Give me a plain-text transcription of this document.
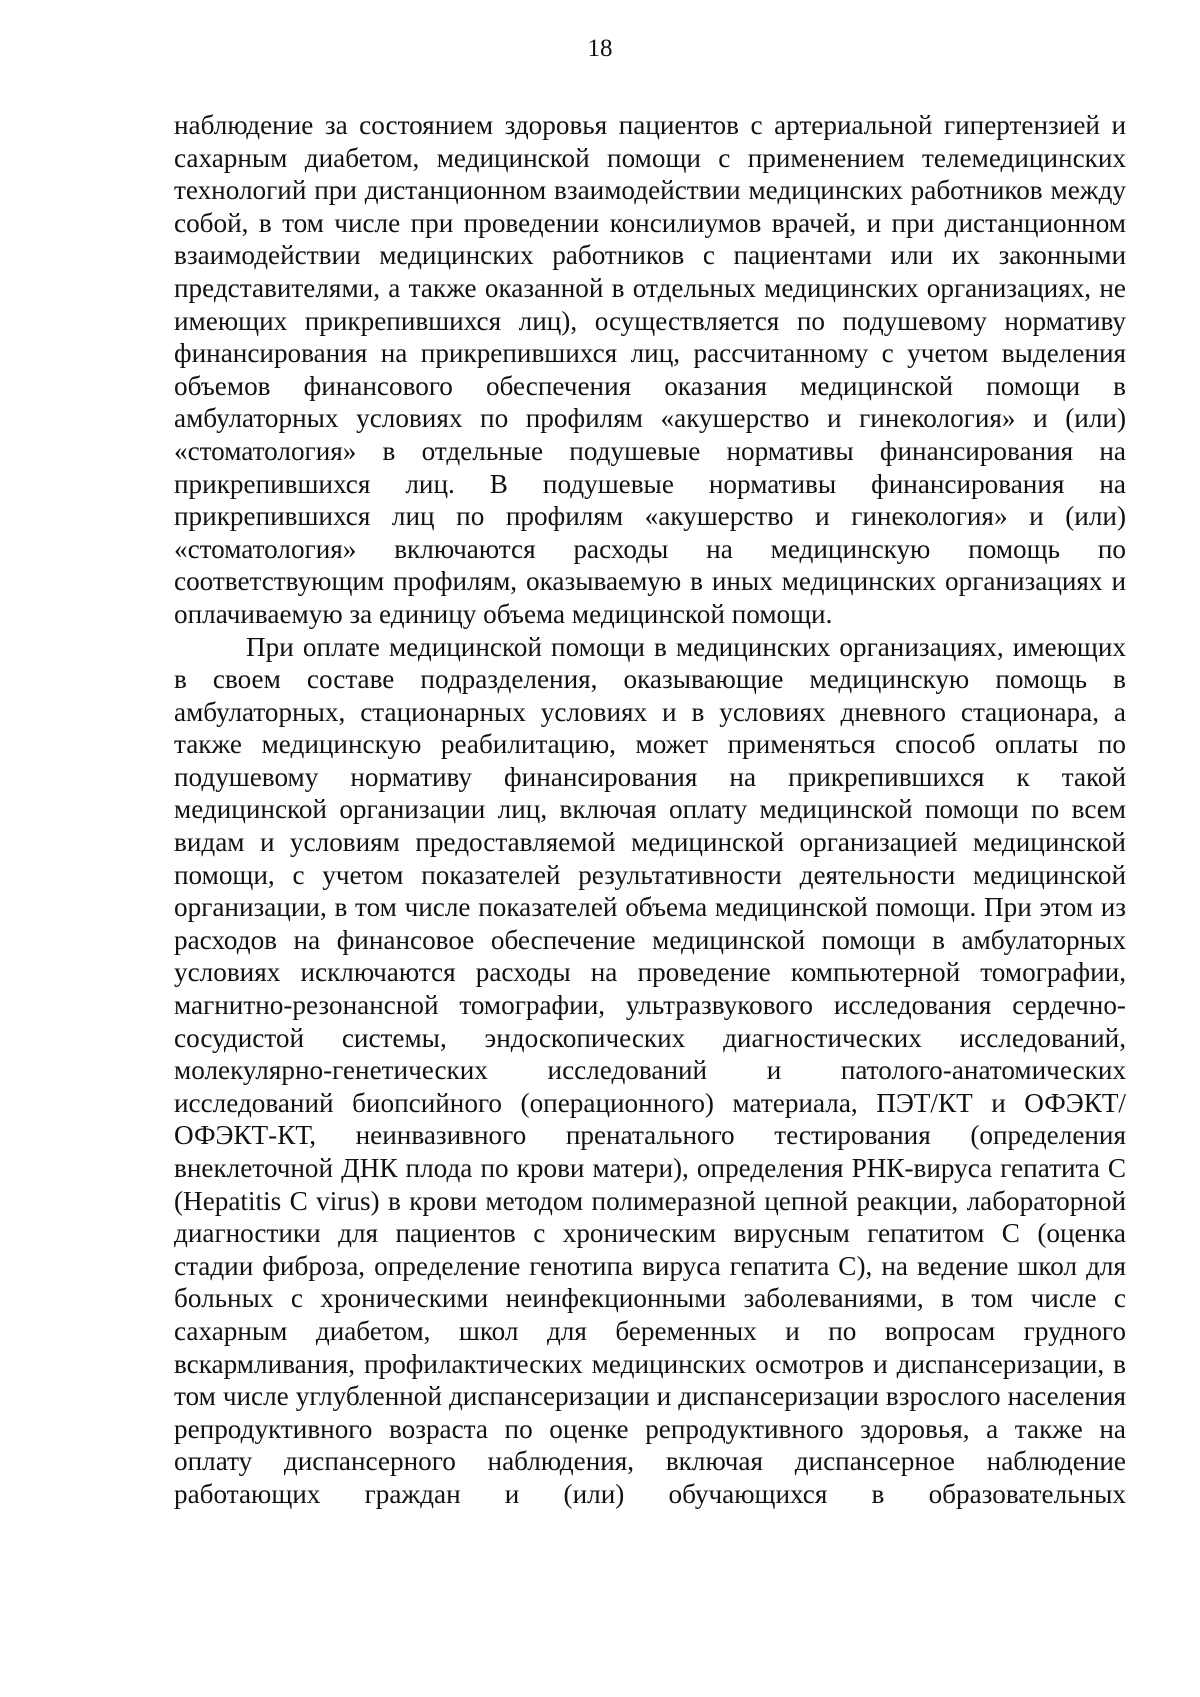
18

наблюдение за состоянием здоровья пациентов с артериальной гипертензией и сахарным диабетом, медицинской помощи с применением телемедицинских технологий при дистанционном взаимодействии медицинских работников между собой, в том числе при проведении консилиумов врачей, и при дистанционном взаимодействии медицинских работников с пациентами или их законными представителями, а также оказанной в отдельных медицинских организациях, не имеющих прикрепившихся лиц), осуществляется по подушевому нормативу финансирования на прикрепившихся лиц, рассчитанному с учетом выделения объемов финансового обеспечения оказания медицинской помощи в амбулаторных условиях по профилям «акушерство и гинекология» и (или) «стоматология» в отдельные подушевые нормативы финансирования на прикрепившихся лиц. В подушевые нормативы финансирования на прикрепившихся лиц по профилям «акушерство и гинекология» и (или) «стоматология» включаются расходы на медицинскую помощь по соответствующим профилям, оказываемую в иных медицинских организациях и оплачиваемую за единицу объема медицинской помощи.

При оплате медицинской помощи в медицинских организациях, имеющих в своем составе подразделения, оказывающие медицинскую помощь в амбулаторных, стационарных условиях и в условиях дневного стационара, а также медицинскую реабилитацию, может применяться способ оплаты по подушевому нормативу финансирования на прикрепившихся к такой медицинской организации лиц, включая оплату медицинской помощи по всем видам и условиям предоставляемой медицинской организацией медицинской помощи, с учетом показателей результативности деятельности медицинской организации, в том числе показателей объема медицинской помощи. При этом из расходов на финансовое обеспечение медицинской помощи в амбулаторных условиях исключаются расходы на проведение компьютерной томографии, магнитно-резонансной томографии, ультразвукового исследования сердечно-сосудистой системы, эндоскопических диагностических исследований, молекулярно-генетических исследований и патолого-анатомических исследований биопсийного (операционного) материала, ПЭТ/КТ и ОФЭКТ/ОФЭКТ-КТ, неинвазивного пренатального тестирования (определения внеклеточной ДНК плода по крови матери), определения РНК-вируса гепатита С (Hepatitis C virus) в крови методом полимеразной цепной реакции, лабораторной диагностики для пациентов с хроническим вирусным гепатитом С (оценка стадии фиброза, определение генотипа вируса гепатита С), на ведение школ для больных с хроническими неинфекционными заболеваниями, в том числе с сахарным диабетом, школ для беременных и по вопросам грудного вскармливания, профилактических медицинских осмотров и диспансеризации, в том числе углубленной диспансеризации и диспансеризации взрослого населения репродуктивного возраста по оценке репродуктивного здоровья, а также на оплату диспансерного наблюдения, включая диспансерное наблюдение работающих граждан и (или) обучающихся в образовательных
